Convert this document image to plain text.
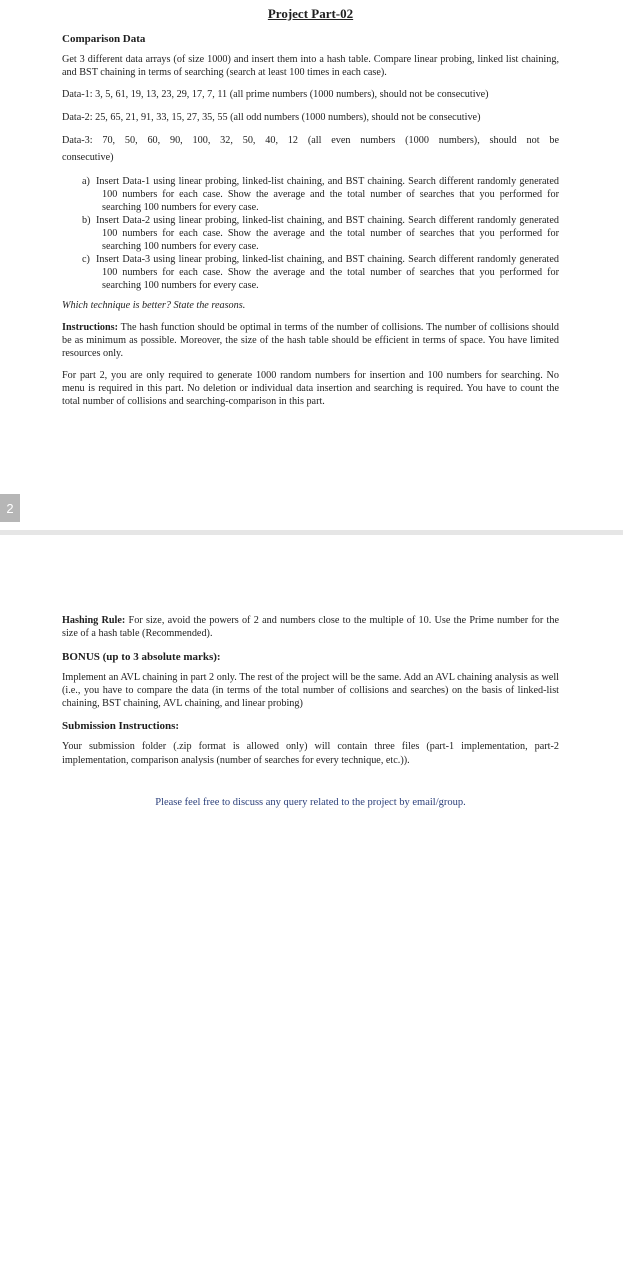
Project Part-02
Comparison Data

Get 3 different data arrays (of size 1000) and insert them into a hash table. Compare linear probing, linked list chaining, and BST chaining in terms of searching (search at least 100 times in each case).

Data-1: 3, 5, 61, 19, 13, 23, 29, 17, 7, 11 (all prime numbers (1000 numbers), should not be consecutive)

Data-2: 25, 65, 21, 91, 33, 15, 27, 35, 55 (all odd numbers (1000 numbers), should not be consecutive)

Data-3: 70, 50, 60, 90, 100, 32, 50, 40, 12 (all even numbers (1000 numbers), should not be

consecutive)

a) Insert Data-1 using linear probing, linked-list chaining, and BST chaining. Search different randomly generated 100 numbers for each case. Show the average and the total number of searches that you performed for searching 100 numbers for every case.
b) Insert Data-2 using linear probing, linked-list chaining, and BST chaining. Search different randomly generated 100 numbers for each case. Show the average and the total number of searches that you performed for searching 100 numbers for every case.
c) Insert Data-3 using linear probing, linked-list chaining, and BST chaining. Search different randomly generated 100 numbers for each case. Show the average and the total number of searches that you performed for searching 100 numbers for every case.

Which technique is better? State the reasons.

Instructions: The hash function should be optimal in terms of the number of collisions. The number of collisions should be as minimum as possible. Moreover, the size of the hash table should be efficient in terms of space. You have limited resources only.

For part 2, you are only required to generate 1000 random numbers for insertion and 100 numbers for searching. No menu is required in this part. No deletion or individual data insertion and searching is required. You have to count the total number of collisions and searching-comparison in this part.

2

Hashing Rule: For size, avoid the powers of 2 and numbers close to the multiple of 10. Use the Prime number for the size of a hash table (Recommended).

BONUS (up to 3 absolute marks):

Implement an AVL chaining in part 2 only. The rest of the project will be the same. Add an AVL chaining analysis as well (i.e., you have to compare the data (in terms of the total number of collisions and searches) on the basis of linked-list chaining, BST chaining, AVL chaining, and linear probing)

Submission Instructions:

Your submission folder (.zip format is allowed only) will contain three files (part-1 implementation, part-2 implementation, comparison analysis (number of searches for every technique, etc.)).

Please feel free to discuss any query related to the project by email/group.
